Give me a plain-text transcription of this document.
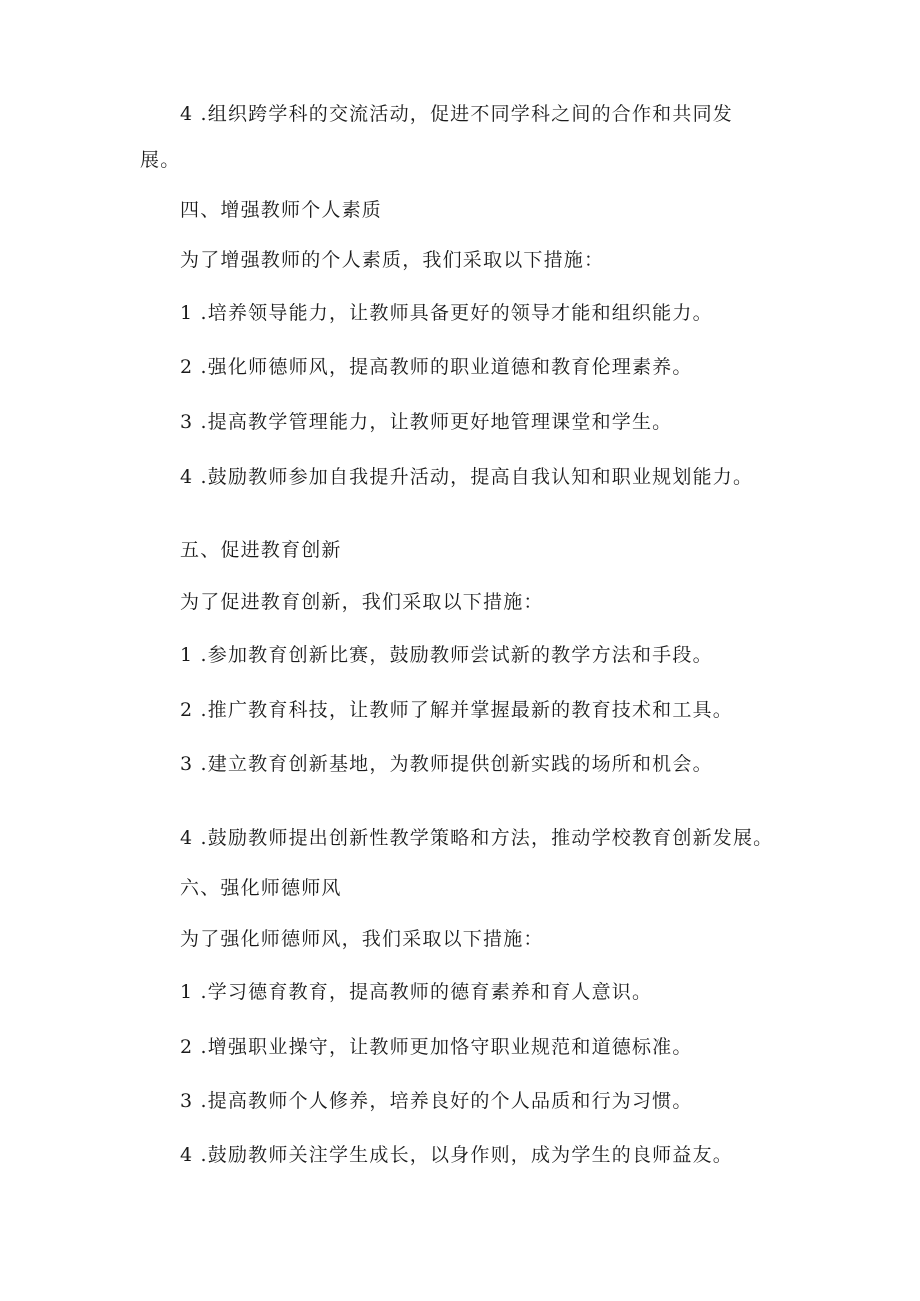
4 .组织跨学科的交流活动，促进不同学科之间的合作和共同发
展。
四、增强教师个人素质
为了增强教师的个人素质，我们采取以下措施：
1 .培养领导能力，让教师具备更好的领导才能和组织能力。
2 .强化师德师风，提高教师的职业道德和教育伦理素养。
3 .提高教学管理能力，让教师更好地管理课堂和学生。
4 .鼓励教师参加自我提升活动，提高自我认知和职业规划能力。
五、促进教育创新
为了促进教育创新，我们采取以下措施：
1 .参加教育创新比赛，鼓励教师尝试新的教学方法和手段。
2 .推广教育科技，让教师了解并掌握最新的教育技术和工具。
3 .建立教育创新基地，为教师提供创新实践的场所和机会。
4 .鼓励教师提出创新性教学策略和方法，推动学校教育创新发展。
六、强化师德师风
为了强化师德师风，我们采取以下措施：
1 .学习德育教育，提高教师的德育素养和育人意识。
2 .增强职业操守，让教师更加恪守职业规范和道德标准。
3 .提高教师个人修养，培养良好的个人品质和行为习惯。
4 .鼓励教师关注学生成长，以身作则，成为学生的良师益友。
